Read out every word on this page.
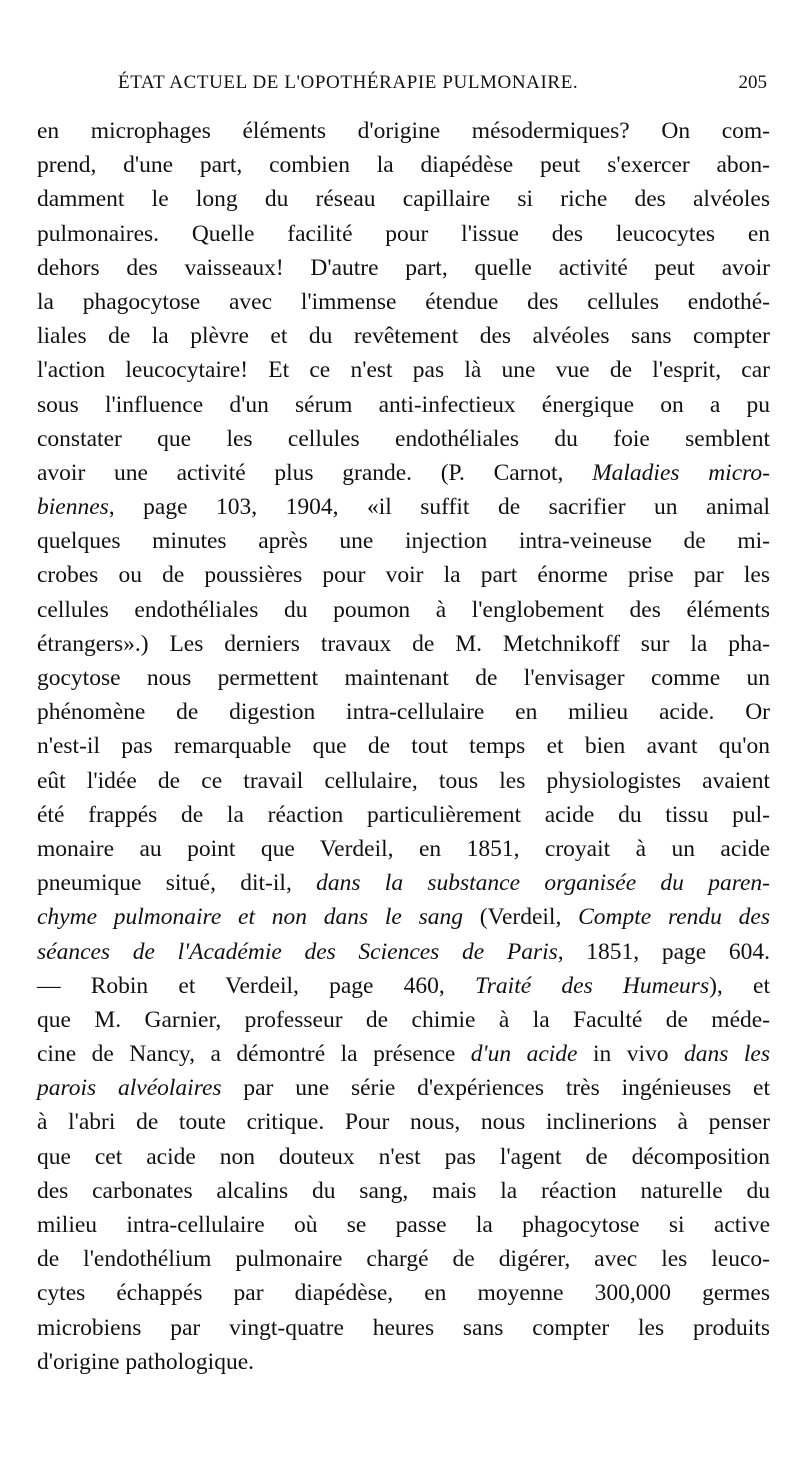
ÉTAT ACTUEL DE L'OPOTHÉRAPIE PULMONAIRE.	205
en microphages éléments d'origine mésodermiques? On com-
prend, d'une part, combien la diapédèse peut s'exercer abon-
damment le long du réseau capillaire si riche des alvéoles
pulmonaires. Quelle facilité pour l'issue des leucocytes en
dehors des vaisseaux! D'autre part, quelle activité peut avoir
la phagocytose avec l'immense étendue des cellules endothé-
liales de la plèvre et du revêtement des alvéoles sans compter
l'action leucocytaire! Et ce n'est pas là une vue de l'esprit, car
sous l'influence d'un sérum anti-infectieux énergique on a pu
constater que les cellules endothéliales du foie semblent
avoir une activité plus grande. (P. Carnot, Maladies micro-
biennes, page 103, 1904, «il suffit de sacrifier un animal
quelques minutes après une injection intra-veineuse de mi-
crobes ou de poussières pour voir la part énorme prise par les
cellules endothéliales du poumon à l'englobement des éléments
étrangers».) Les derniers travaux de M. Metchnikoff sur la pha-
gocytose nous permettent maintenant de l'envisager comme un
phénomène de digestion intra-cellulaire en milieu acide. Or
n'est-il pas remarquable que de tout temps et bien avant qu'on
eût l'idée de ce travail cellulaire, tous les physiologistes avaient
été frappés de la réaction particulièrement acide du tissu pul-
monaire au point que Verdeil, en 1851, croyait à un acide
pneumique situé, dit-il, dans la substance organisée du paren-
chyme pulmonaire et non dans le sang (Verdeil, Compte rendu des
séances de l'Académie des Sciences de Paris, 1851, page 604.
— Robin et Verdeil, page 460, Traité des Humeurs), et
que M. Garnier, professeur de chimie à la Faculté de méde-
cine de Nancy, a démontré la présence d'un acide in vivo dans les
parois alvéolaires par une série d'expériences très ingénieuses et
à l'abri de toute critique. Pour nous, nous inclinerions à penser
que cet acide non douteux n'est pas l'agent de décomposition
des carbonates alcalins du sang, mais la réaction naturelle du
milieu intra-cellulaire où se passe la phagocytose si active
de l'endothélium pulmonaire chargé de digérer, avec les leuco-
cytes échappés par diapédèse, en moyenne 300,000 germes
microbiens par vingt-quatre heures sans compter les produits
d'origine pathologique.
